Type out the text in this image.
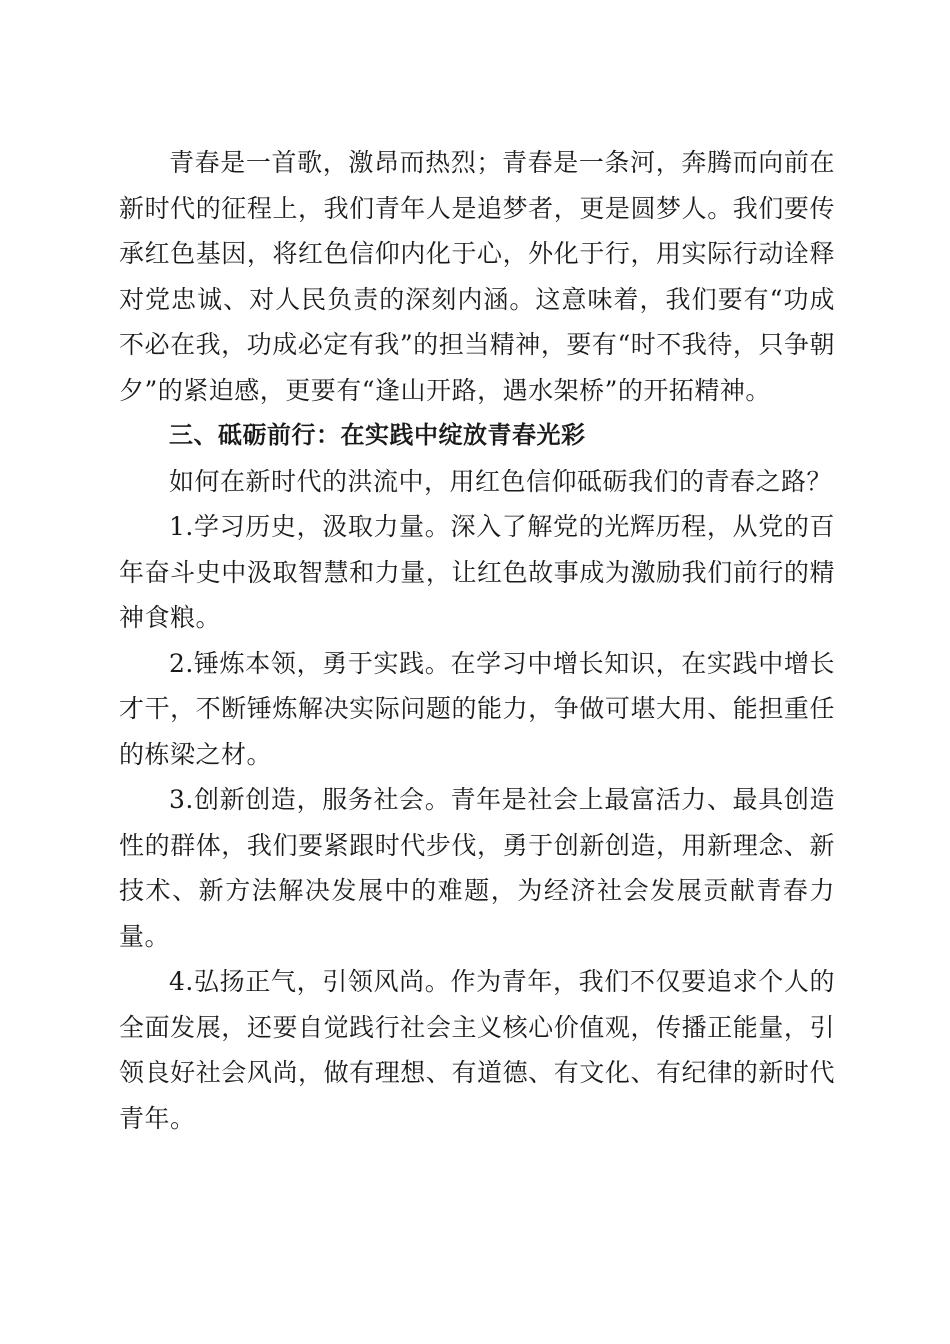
青春是一首歌，激昂而热烈；青春是一条河，奔腾而向前在新时代的征程上，我们青年人是追梦者，更是圆梦人。我们要传承红色基因，将红色信仰内化于心，外化于行，用实际行动诠释对党忠诚、对人民负责的深刻内涵。这意味着，我们要有“功成不必在我，功成必定有我”的担当精神，要有“时不我待，只争朝夕”的紧迫感，更要有“逢山开路，遇水架桥”的开拓精神。

三、砥砺前行：在实践中绽放青春光彩

如何在新时代的洪流中，用红色信仰砥砺我们的青春之路？

1.学习历史，汲取力量。深入了解党的光辉历程，从党的百年奋斗史中汲取智慧和力量，让红色故事成为激励我们前行的精神食粮。

2.锤炼本领，勇于实践。在学习中增长知识，在实践中增长才干，不断锤炼解决实际问题的能力，争做可堪大用、能担重任的栋梁之材。

3.创新创造，服务社会。青年是社会上最富活力、最具创造性的群体，我们要紧跟时代步伐，勇于创新创造，用新理念、新技术、新方法解决发展中的难题，为经济社会发展贡献青春力量。

4.弘扬正气，引领风尚。作为青年，我们不仅要追求个人的全面发展，还要自觉践行社会主义核心价值观，传播正能量，引领良好社会风尚，做有理想、有道德、有文化、有纪律的新时代青年。
